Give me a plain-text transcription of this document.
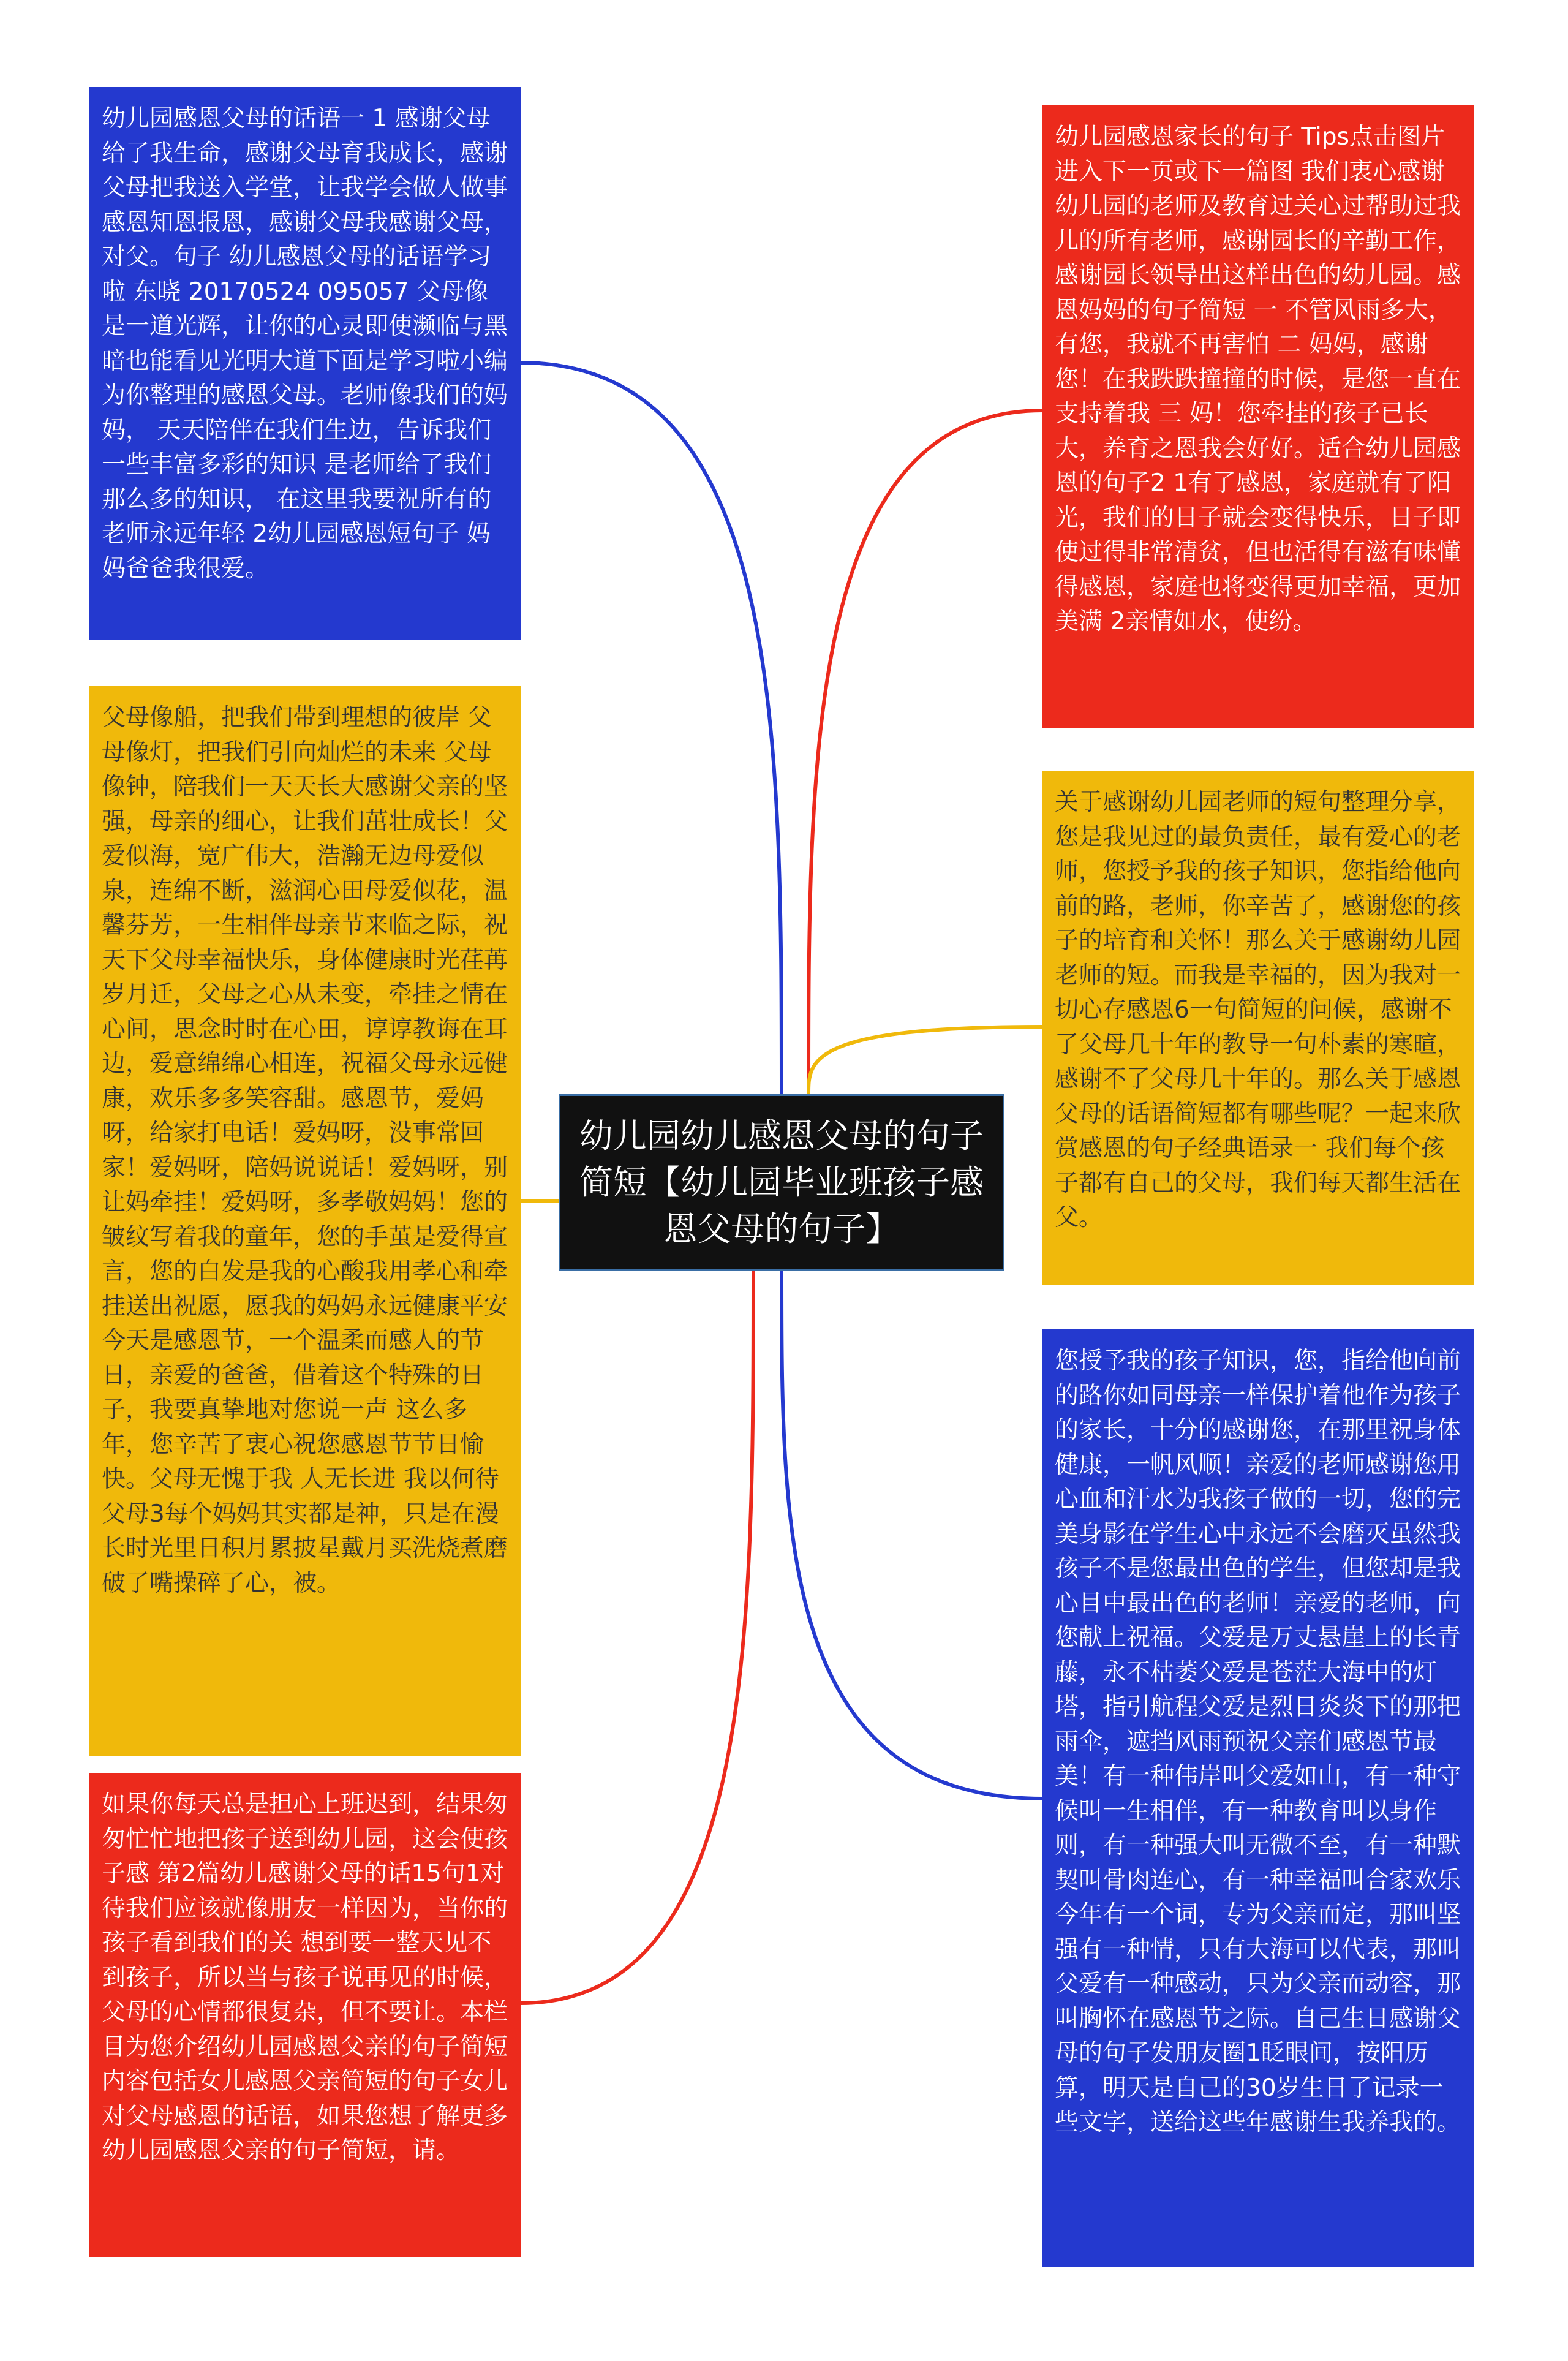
幼儿园幼儿感恩父母的句子简短【幼儿园毕业班孩子感恩父母的句子】
幼儿园感恩父母的话语一 1 感谢父母给了我生命，感谢父母育我成长，感谢父母把我送入学堂，让我学会做人做事感恩知恩报恩，感谢父母我感谢父母，对父。句子 幼儿感恩父母的话语学习啦 东晓 20170524 095057 父母像是一道光辉，让你的心灵即使濒临与黑暗也能看见光明大道下面是学习啦小编为你整理的感恩父母。老师像我们的妈妈， 天天陪伴在我们生边，告诉我们一些丰富多彩的知识 是老师给了我们那么多的知识， 在这里我要祝所有的老师永远年轻 2幼儿园感恩短句子 妈妈爸爸我很爱。
父母像船，把我们带到理想的彼岸 父母像灯，把我们引向灿烂的未来 父母像钟，陪我们一天天长大感谢父亲的坚强，母亲的细心，让我们茁壮成长！父爱似海，宽广伟大，浩瀚无边母爱似泉，连绵不断，滋润心田母爱似花，温馨芬芳，一生相伴母亲节来临之际，祝天下父母幸福快乐，身体健康时光荏苒岁月迁，父母之心从未变，牵挂之情在心间，思念时时在心田，谆谆教诲在耳边，爱意绵绵心相连，祝福父母永远健康，欢乐多多笑容甜。感恩节，爱妈呀，给家打电话！爱妈呀，没事常回家！爱妈呀，陪妈说说话！爱妈呀，别让妈牵挂！爱妈呀，多孝敬妈妈！您的皱纹写着我的童年，您的手茧是爱得宣言，您的白发是我的心酸我用孝心和牵挂送出祝愿，愿我的妈妈永远健康平安今天是感恩节，一个温柔而感人的节日，亲爱的爸爸，借着这个特殊的日子，我要真挚地对您说一声 这么多年，您辛苦了衷心祝您感恩节节日愉快。父母无愧于我 人无长进 我以何待父母3每个妈妈其实都是神，只是在漫长时光里日积月累披星戴月买洗烧煮磨破了嘴操碎了心，被。
如果你每天总是担心上班迟到，结果匆匆忙忙地把孩子送到幼儿园，这会使孩子感 第2篇幼儿感谢父母的话15句1对待我们应该就像朋友一样因为，当你的孩子看到我们的关 想到要一整天见不到孩子，所以当与孩子说再见的时候，父母的心情都很复杂，但不要让。本栏目为您介绍幼儿园感恩父亲的句子简短内容包括女儿感恩父亲简短的句子女儿对父母感恩的话语，如果您想了解更多幼儿园感恩父亲的句子简短，请。
幼儿园感恩家长的句子 Tips点击图片进入下一页或下一篇图 我们衷心感谢幼儿园的老师及教育过关心过帮助过我儿的所有老师，感谢园长的辛勤工作，感谢园长领导出这样出色的幼儿园。感恩妈妈的句子简短 一 不管风雨多大，有您，我就不再害怕 二 妈妈，感谢您！在我跌跌撞撞的时候，是您一直在支持着我 三 妈！您牵挂的孩子已长大，养育之恩我会好好。适合幼儿园感恩的句子2 1有了感恩，家庭就有了阳光，我们的日子就会变得快乐，日子即使过得非常清贫，但也活得有滋有味懂得感恩，家庭也将变得更加幸福，更加美满 2亲情如水，使纷。
关于感谢幼儿园老师的短句整理分享，您是我见过的最负责任，最有爱心的老师，您授予我的孩子知识，您指给他向前的路，老师，你辛苦了，感谢您的孩子的培育和关怀！那么关于感谢幼儿园老师的短。而我是幸福的，因为我对一切心存感恩6一句简短的问候，感谢不了父母几十年的教导一句朴素的寒暄，感谢不了父母几十年的。那么关于感恩父母的话语简短都有哪些呢？一起来欣赏感恩的句子经典语录一 我们每个孩子都有自己的父母，我们每天都生活在父。
您授予我的孩子知识，您，指给他向前的路你如同母亲一样保护着他作为孩子的家长，十分的感谢您，在那里祝身体健康，一帆风顺！亲爱的老师感谢您用心血和汗水为我孩子做的一切，您的完美身影在学生心中永远不会磨灭虽然我孩子不是您最出色的学生，但您却是我心目中最出色的老师！亲爱的老师，向您献上祝福。父爱是万丈悬崖上的长青藤，永不枯萎父爱是苍茫大海中的灯塔，指引航程父爱是烈日炎炎下的那把雨伞，遮挡风雨预祝父亲们感恩节最美！有一种伟岸叫父爱如山，有一种守候叫一生相伴，有一种教育叫以身作则，有一种强大叫无微不至，有一种默契叫骨肉连心，有一种幸福叫合家欢乐今年有一个词，专为父亲而定，那叫坚强有一种情，只有大海可以代表，那叫父爱有一种感动，只为父亲而动容，那叫胸怀在感恩节之际。自己生日感谢父母的句子发朋友圈1眨眼间，按阳历算，明天是自己的30岁生日了记录一些文字，送给这些年感谢生我养我的。
